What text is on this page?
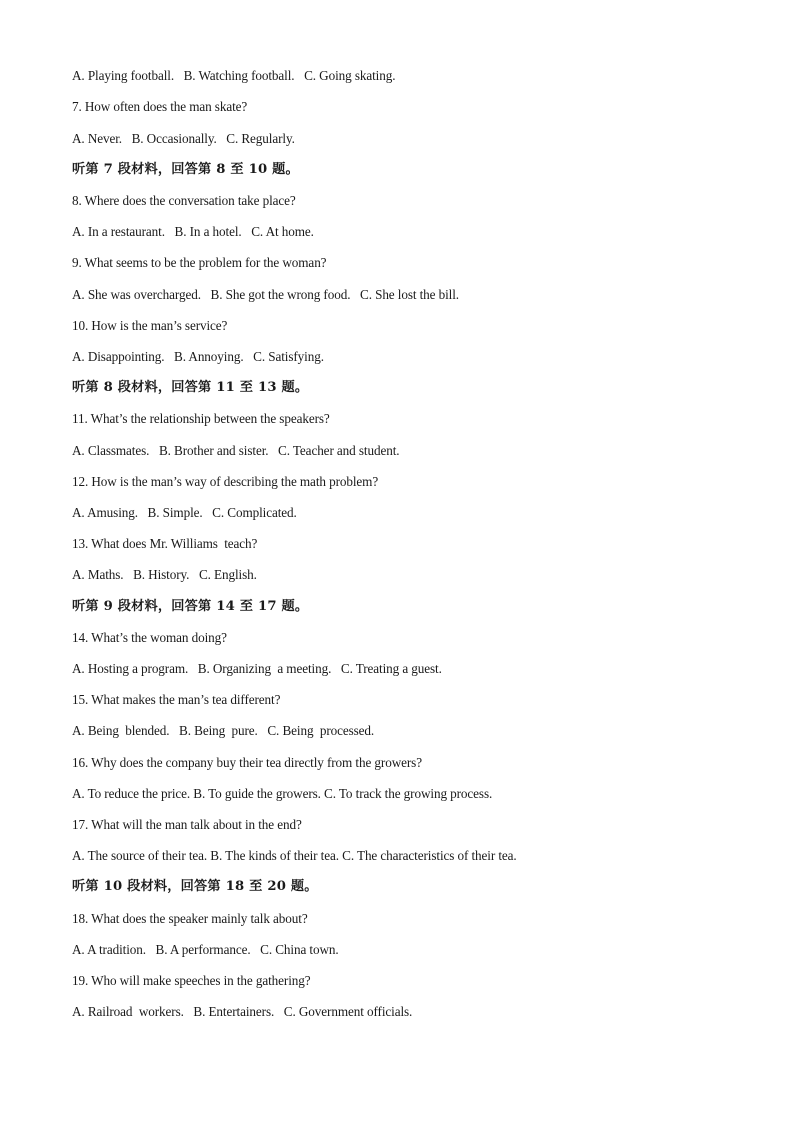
A. Playing football.   B. Watching football.   C. Going skating.
7. How often does the man skate?
A. Never.   B. Occasionally.   C. Regularly.
听第 7 段材料，回答第 8 至 10 题。
8. Where does the conversation take place?
A. In a restaurant.   B. In a hotel.   C. At home.
9. What seems to be the problem for the woman?
A. She was overcharged.   B. She got the wrong food.   C. She lost the bill.
10. How is the man’s service?
A. Disappointing.   B. Annoying.   C. Satisfying.
听第 8 段材料，回答第 11 至 13 题。
11. What’s the relationship between the speakers?
A. Classmates.   B. Brother and sister.   C. Teacher and student.
12. How is the man’s way of describing the math problem?
A. Amusing.   B. Simple.   C. Complicated.
13. What does Mr. Williams  teach?
A. Maths.   B. History.   C. English.
听第 9 段材料，回答第 14 至 17 题。
14. What’s the woman doing?
A. Hosting a program.   B. Organizing  a meeting.   C. Treating a guest.
15. What makes the man’s tea different?
A. Being  blended.   B. Being  pure.   C. Being  processed.
16. Why does the company buy their tea directly from the growers?
A. To reduce the price. B. To guide the growers. C. To track the growing process.
17. What will the man talk about in the end?
A. The source of their tea. B. The kinds of their tea. C. The characteristics of their tea.
听第 10 段材料，回答第 18 至 20 题。
18. What does the speaker mainly talk about?
A. A tradition.   B. A performance.   C. China town.
19. Who will make speeches in the gathering?
A. Railroad  workers.   B. Entertainers.   C. Government officials.
